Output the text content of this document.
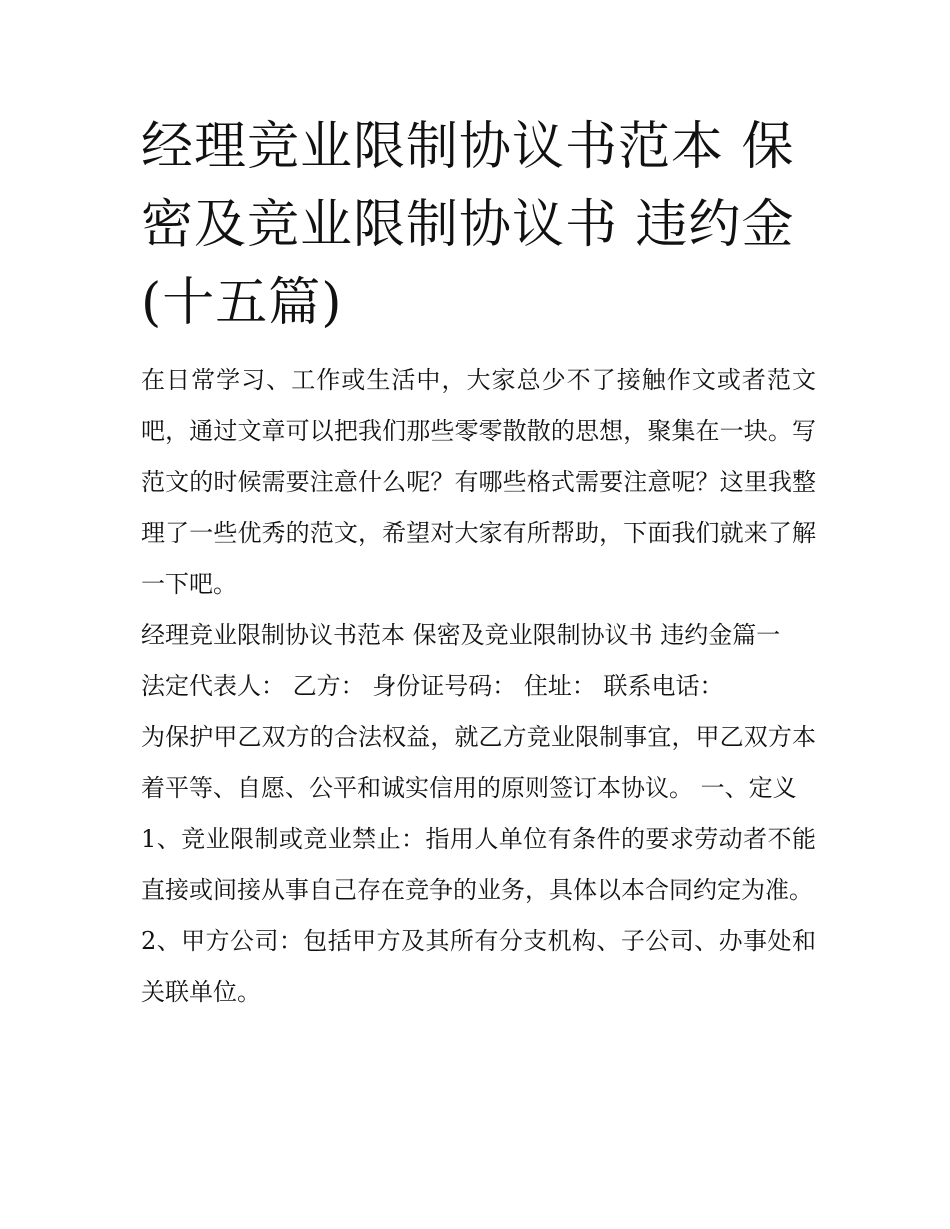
经理竞业限制协议书范本 保密及竞业限制协议书 违约金(十五篇)

在日常学习、工作或生活中，大家总少不了接触作文或者范文吧，通过文章可以把我们那些零零散散的思想，聚集在一块。写范文的时候需要注意什么呢？有哪些格式需要注意呢？这里我整理了一些优秀的范文，希望对大家有所帮助，下面我们就来了解一下吧。

经理竞业限制协议书范本 保密及竞业限制协议书 违约金篇一

法定代表人： 乙方： 身份证号码： 住址： 联系电话：

为保护甲乙双方的合法权益，就乙方竞业限制事宜，甲乙双方本着平等、自愿、公平和诚实信用的原则签订本协议。 一、定义

1、竞业限制或竞业禁止：指用人单位有条件的要求劳动者不能直接或间接从事自己存在竞争的业务，具体以本合同约定为准。

2、甲方公司：包括甲方及其所有分支机构、子公司、办事处和关联单位。
